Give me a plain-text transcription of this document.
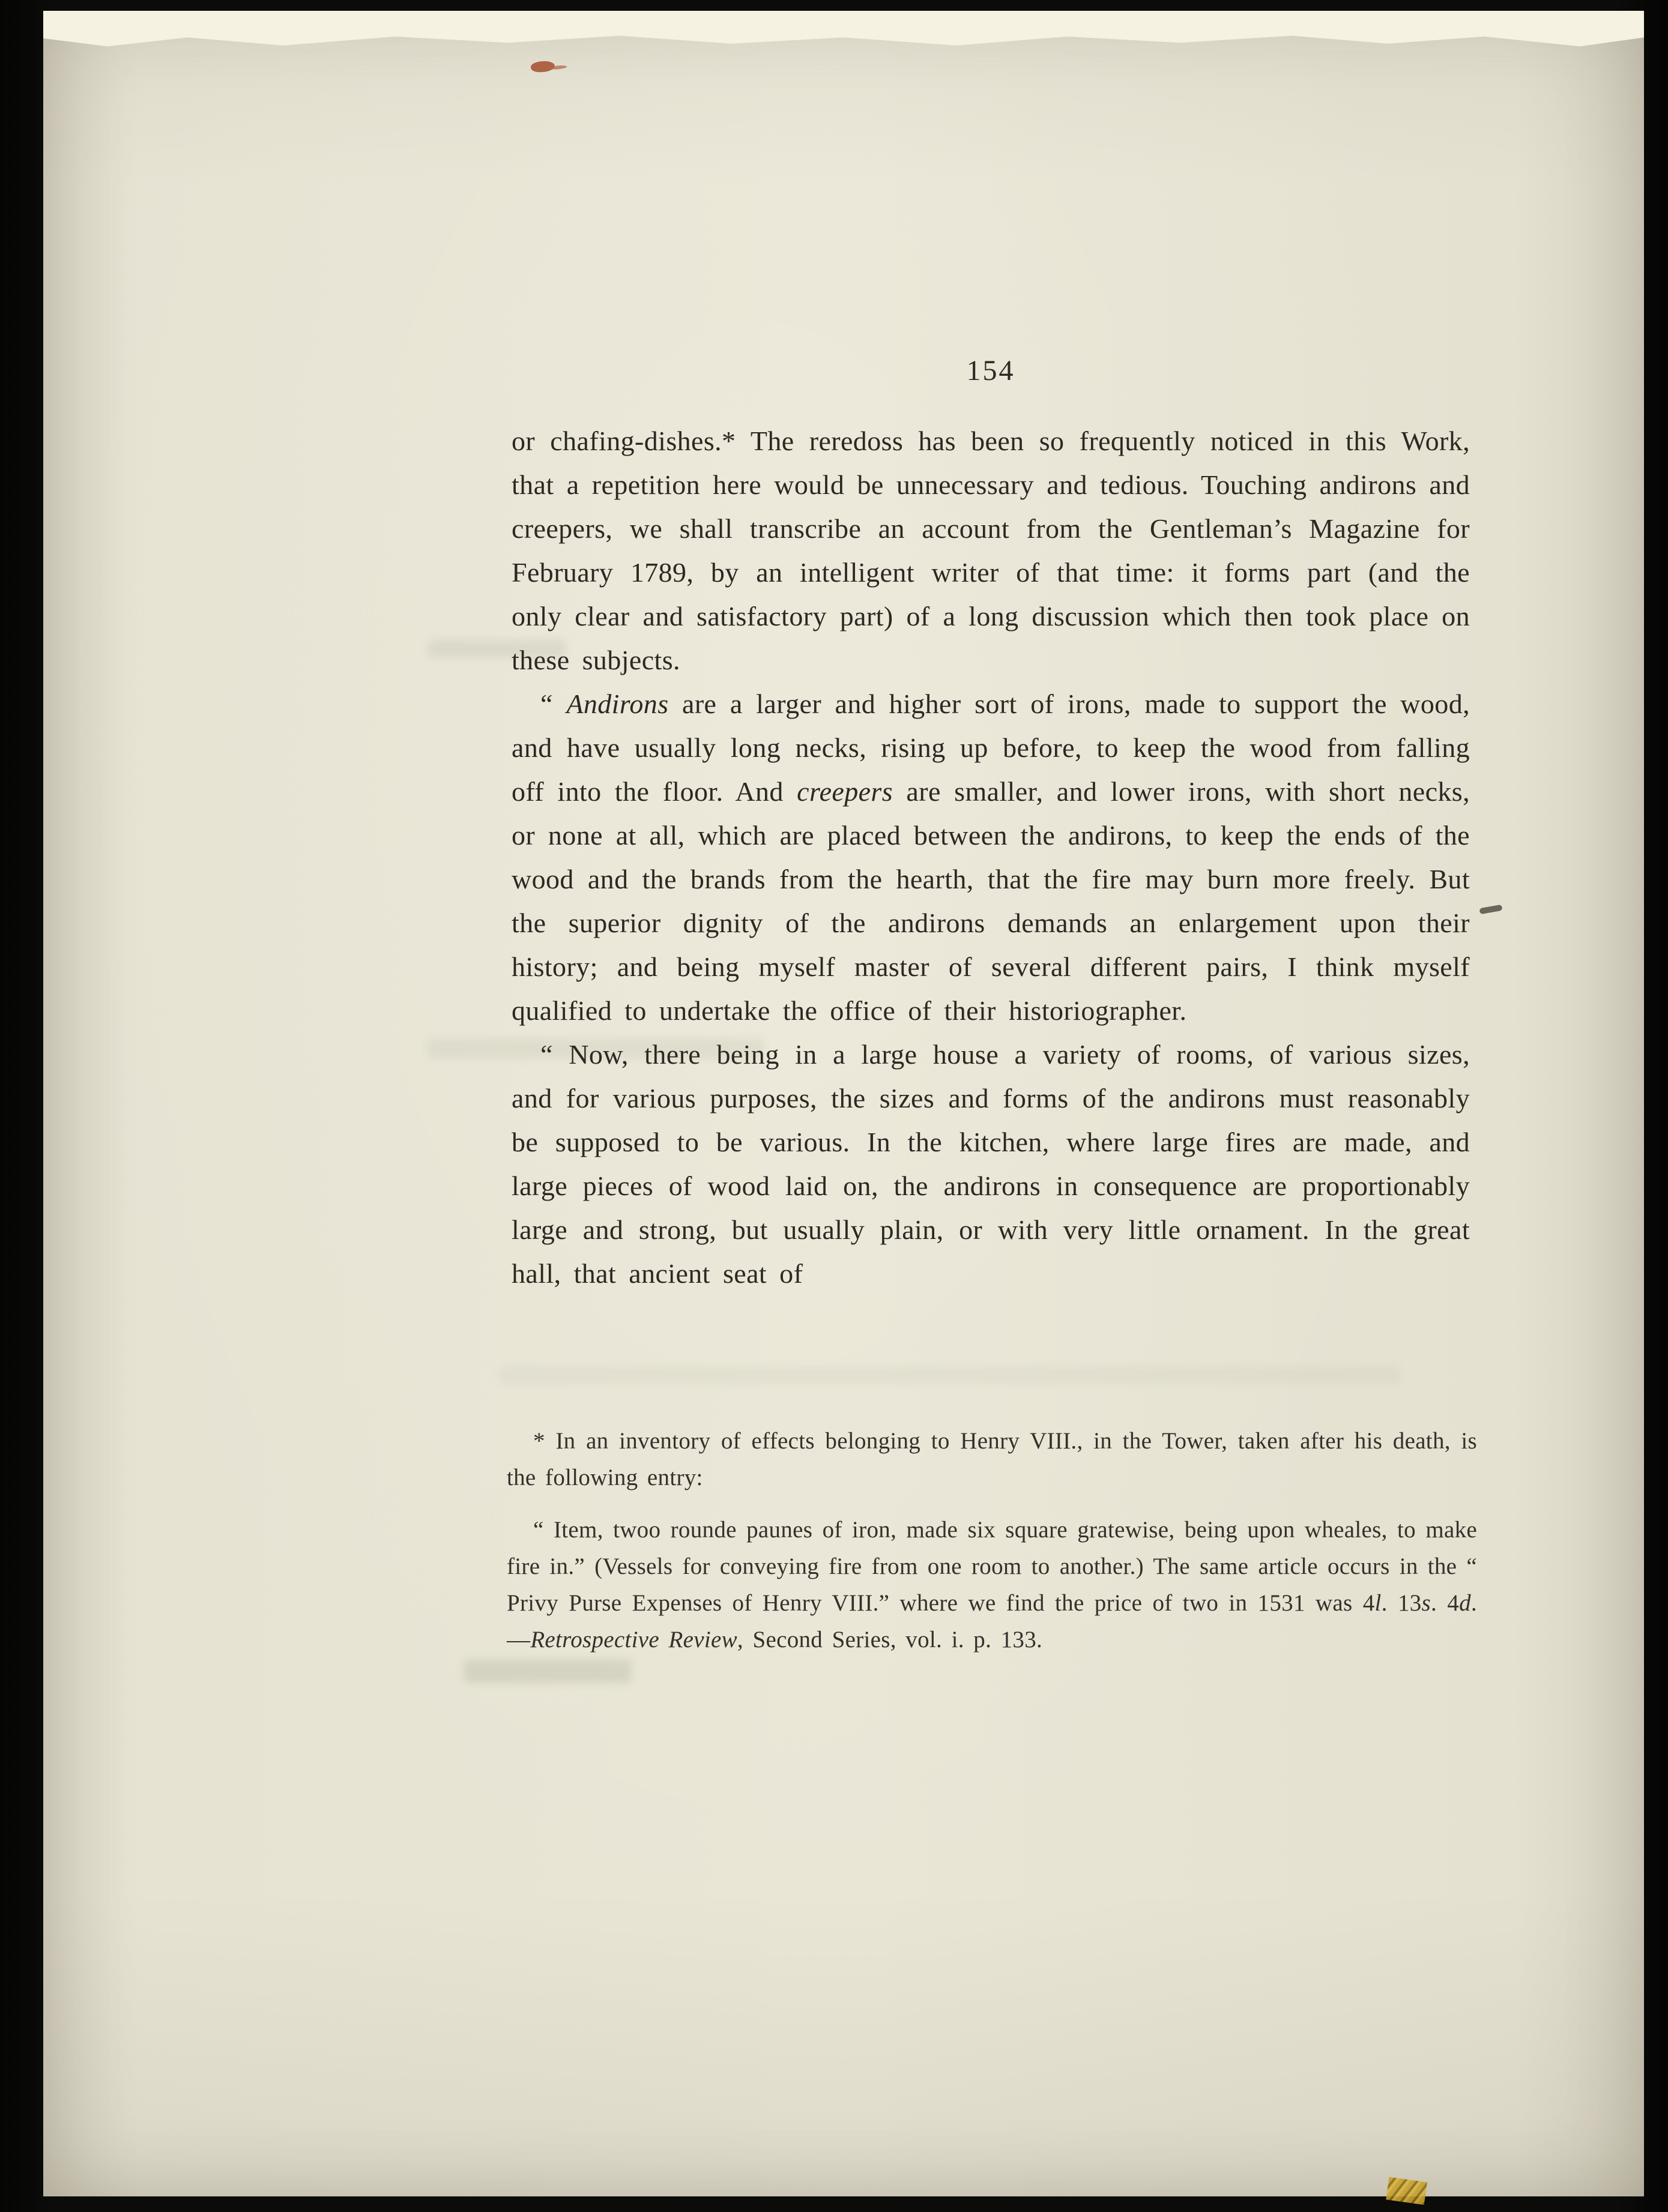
154

or chafing-dishes.* The reredoss has been so frequently noticed in this Work, that a repetition here would be unnecessary and tedious. Touching andirons and creepers, we shall transcribe an account from the Gentleman’s Magazine for February 1789, by an intelligent writer of that time: it forms part (and the only clear and satisfactory part) of a long discussion which then took place on these subjects.

“ Andirons are a larger and higher sort of irons, made to support the wood, and have usually long necks, rising up before, to keep the wood from falling off into the floor. And creepers are smaller, and lower irons, with short necks, or none at all, which are placed between the andirons, to keep the ends of the wood and the brands from the hearth, that the fire may burn more freely. But the superior dignity of the andirons demands an enlargement upon their history; and being myself master of several different pairs, I think myself qualified to undertake the office of their historiographer.

“ Now, there being in a large house a variety of rooms, of various sizes, and for various purposes, the sizes and forms of the andirons must reasonably be supposed to be various. In the kitchen, where large fires are made, and large pieces of wood laid on, the andirons in consequence are proportionably large and strong, but usually plain, or with very little ornament. In the great hall, that ancient seat of

* In an inventory of effects belonging to Henry VIII., in the Tower, taken after his death, is the following entry:

“ Item, twoo rounde paunes of iron, made six square gratewise, being upon wheales, to make fire in.” (Vessels for conveying fire from one room to another.) The same article occurs in the “ Privy Purse Expenses of Henry VIII.” where we find the price of two in 1531 was 4l. 13s. 4d.—Retrospective Review, Second Series, vol. i. p. 133.
